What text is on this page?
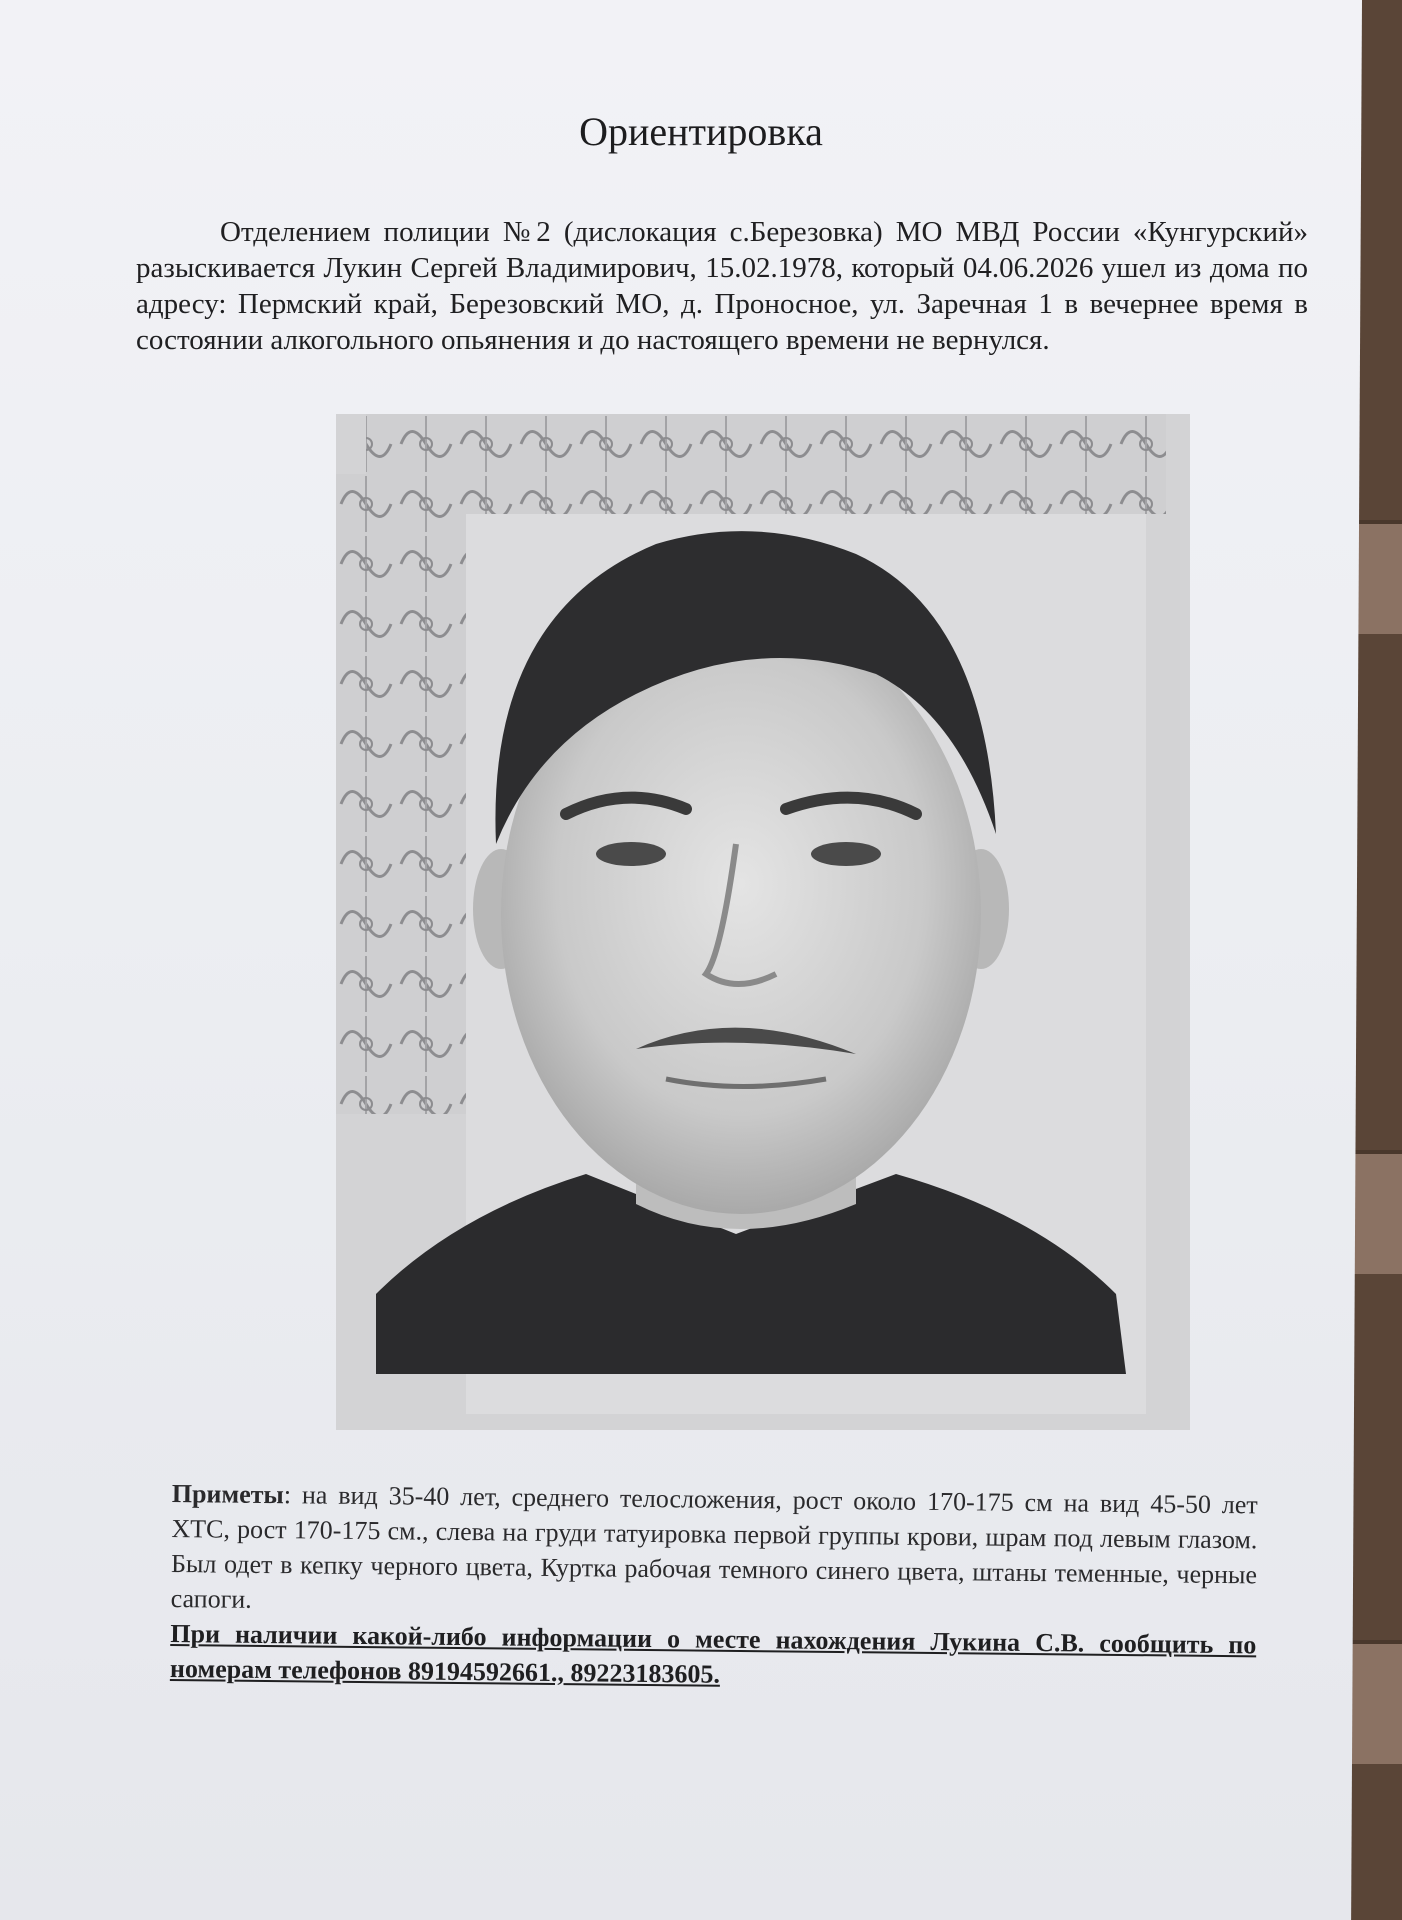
Ориентировка
Отделением полиции №2 (дислокация с.Березовка) МО МВД России «Кунгурский» разыскивается Лукин Сергей Владимирович, 15.02.1978, который 04.06.2026 ушел из дома по адресу: Пермский край, Березовский МО, д. Проносное, ул. Заречная 1 в вечернее время в состоянии алкогольного опьянения и до настоящего времени не вернулся.
Приметы: на вид 35-40 лет, среднего телосложения, рост около 170-175 см на вид 45-50 лет ХТС, рост 170-175 см., слева на груди татуировка первой группы крови, шрам под левым глазом. Был одет в кепку черного цвета, Куртка рабочая темного синего цвета, штаны теменные, черные сапоги.
При наличии какой-либо информации о месте нахождения Лукина С.В. сообщить по номерам телефонов 89194592661., 89223183605.
